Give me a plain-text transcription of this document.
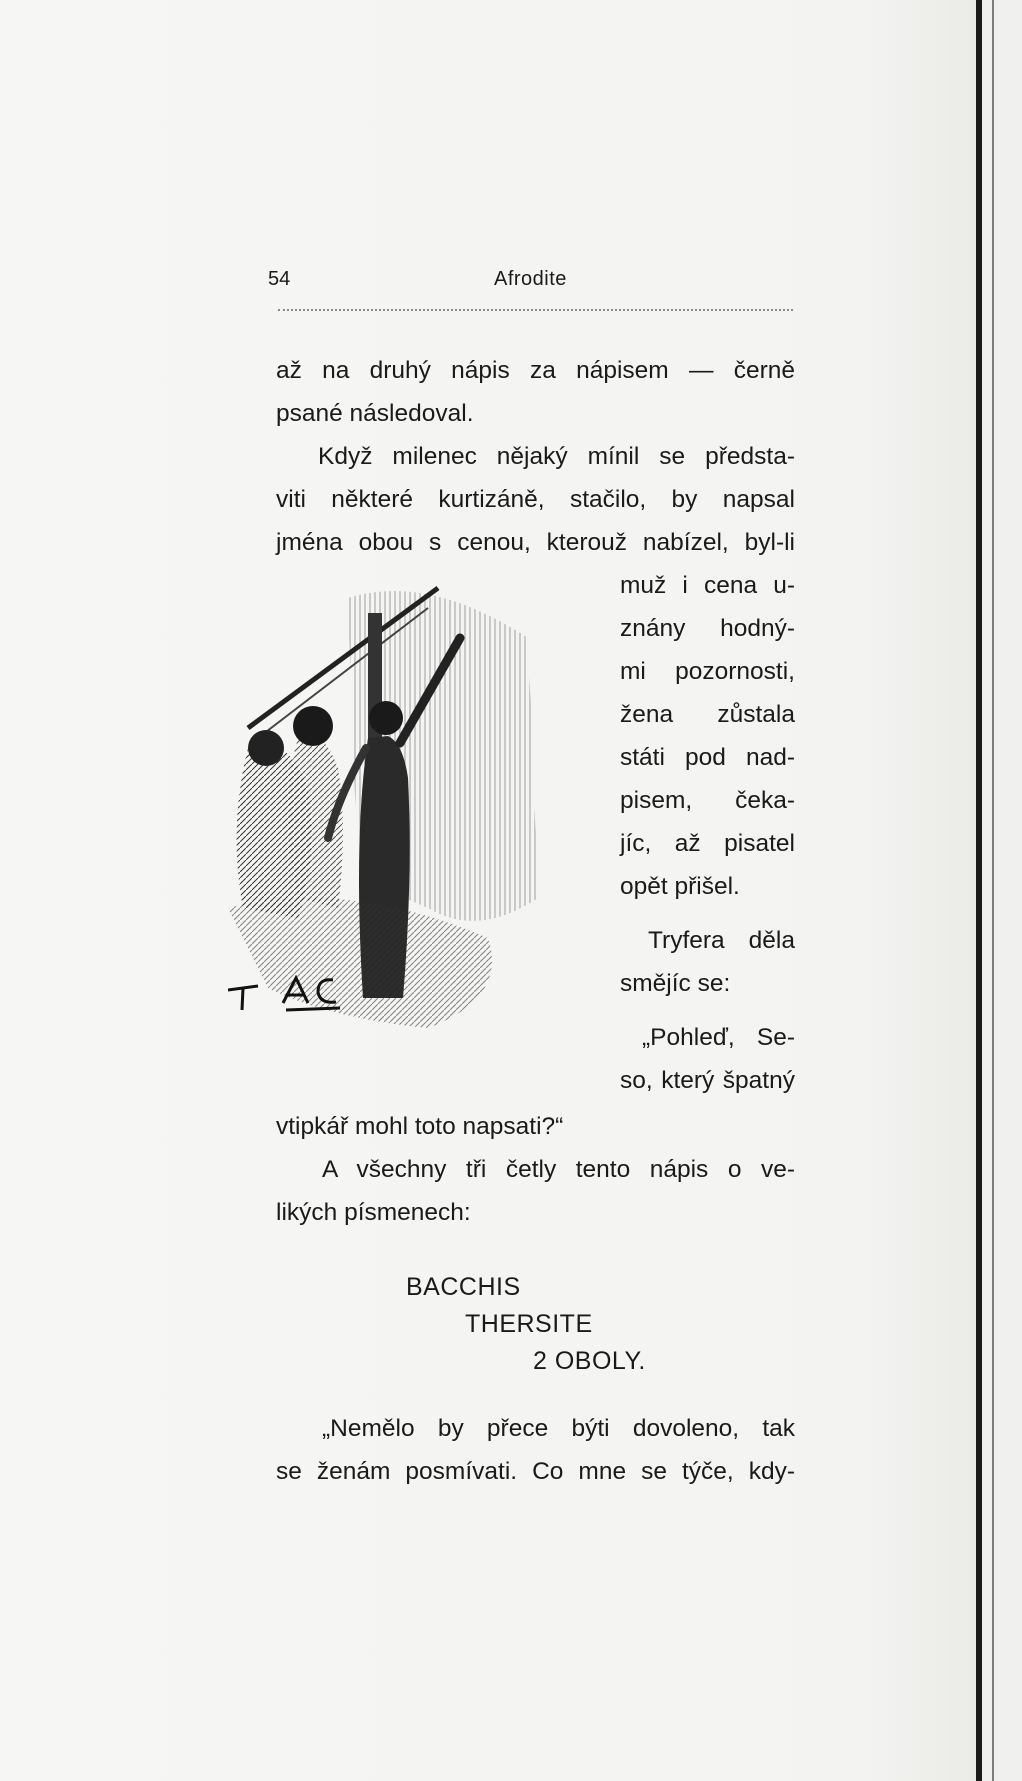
54	Afrodite
až na druhý nápis za nápisem — černě
psané následoval.
Když milenec nějaký mínil se předsta-
viti některé kurtizáně, stačilo, by napsal
jména obou s cenou, kterouž nabízel, byl-li
muž i cena u-
znány hodný-
mi pozornosti,
žena zůstala
státi pod nad-
pisem, čeka-
jíc, až pisatel
opět přišel.
Tryfera děla
smějíc se:
„Pohleď, Se-
so, který špatný
vtipkář mohl toto napsati?“
A všechny tři četly tento nápis o ve-
likých písmenech:
BACCHIS
THERSITE
2 OBOLY.
„Nemělo by přece býti dovoleno, tak
se ženám posmívati. Co mne se týče, kdy-
